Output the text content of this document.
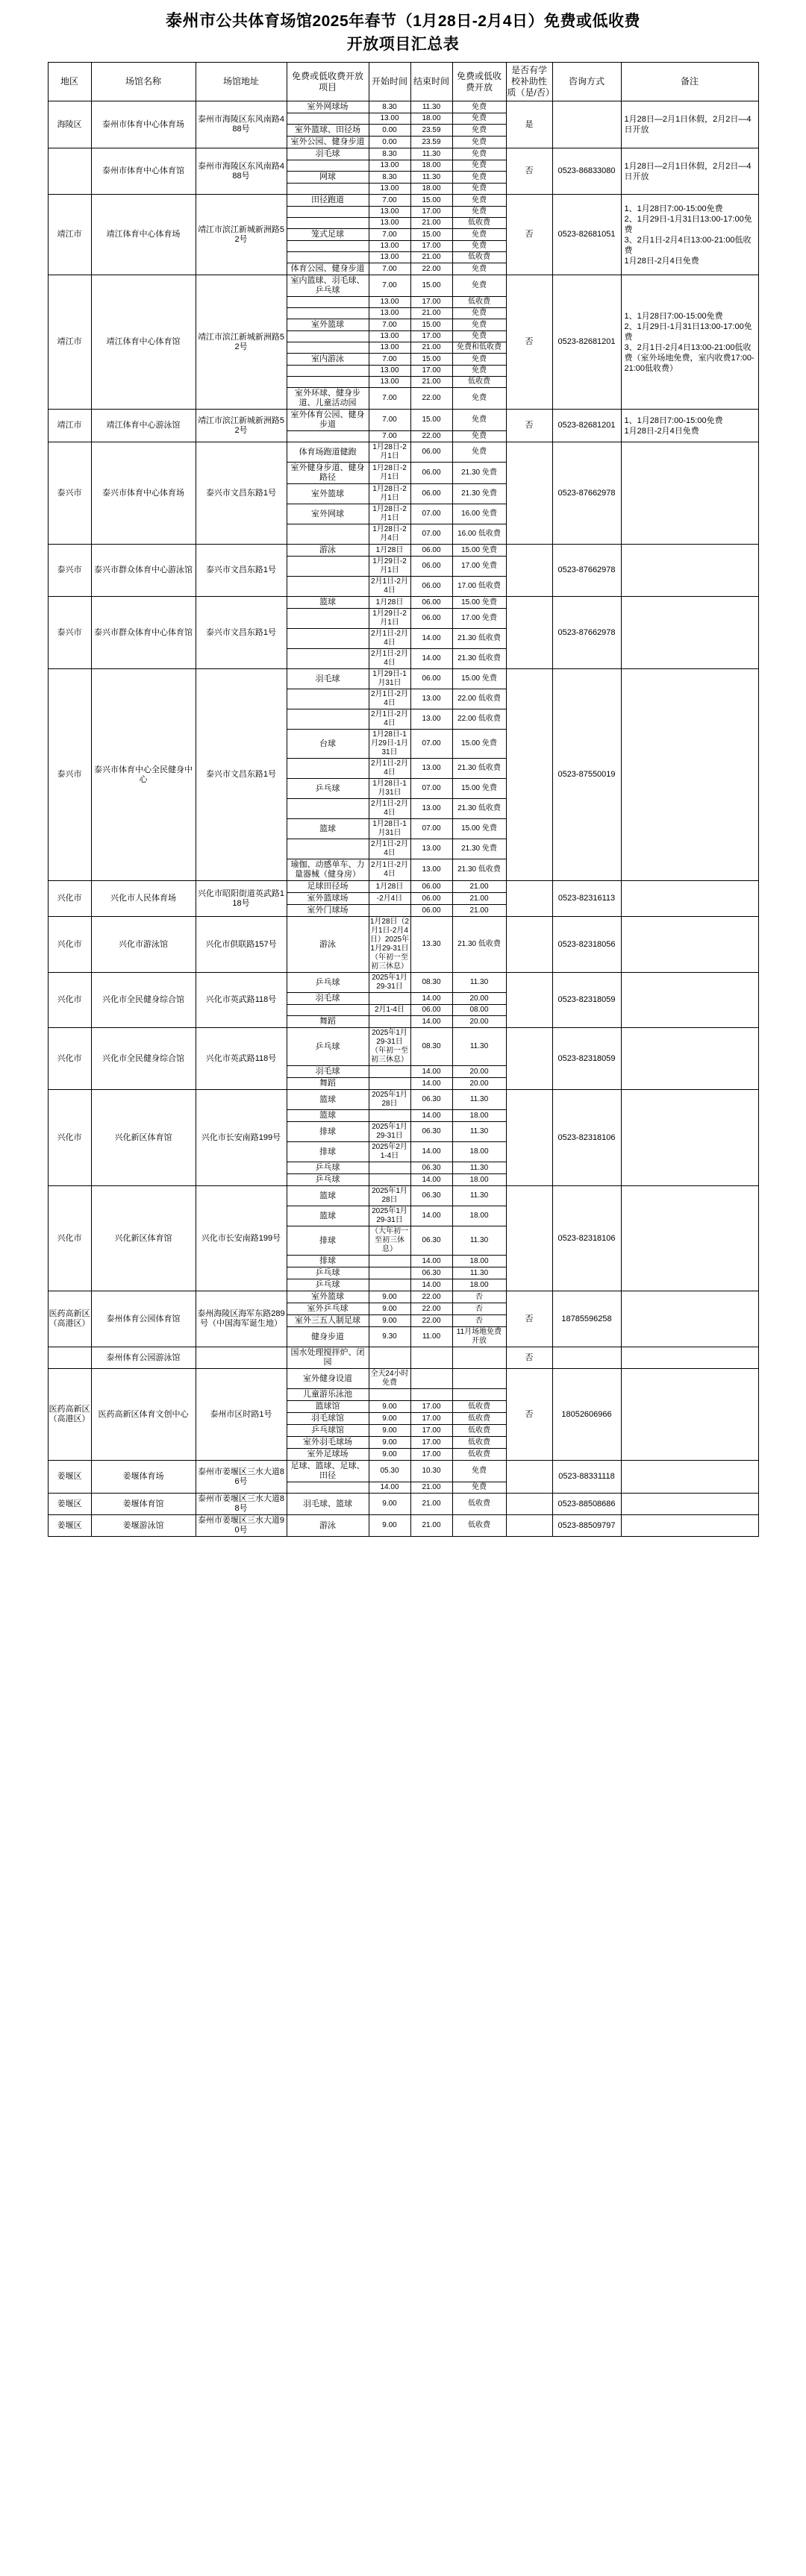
泰州市公共体育场馆2025年春节（1月28日-2月4日）免费或低收费
开放项目汇总表
地区	场馆名称	场馆地址	免费或低收费开放项目	开始时间	结束时间	免费或低收费开放	是否有学校补助性质（是/否）	咨询方式	备注
海陵区	泰州市体育中心体育场	泰州市海陵区东风南路488号	室外网球场	8.30	11.30	免费	是		1月28日—2月1日休假，2月2日—4日开放
				13.00	18.00	免费			
			室外篮球、田径场	0.00	23.59	免费			
			室外公园、健身步道	0.00	23.59	免费			
	泰州市体育中心体育馆	泰州市海陵区东风南路488号	羽毛球	8.30	11.30	免费	否	0523-86833080	1月28日—2月1日休假，2月2日—4日开放
				13.00	18.00	免费			
			网球	8.30	11.30	免费			
				13.00	18.00	免费			
靖江市	靖江体育中心体育场	靖江市滨江新城新洲路52号	田径跑道	7.00	15.00	免费	否	0523-82681051	1、1月28日7:00-15:00免费
2、1月29日-1月31日13:00-17:00免费
3、2月1日-2月4日13:00-21:00低收费
1月28日-2月4日免费
				13.00	17.00	免费			
				13.00	21.00	低收费			
			笼式足球	7.00	15.00	免费			
				13.00	17.00	免费			
				13.00	21.00	低收费			
			体育公园、健身步道	7.00	22.00	免费			
靖江市	靖江体育中心体育馆	靖江市滨江新城新洲路52号	室内篮球、羽毛球、乒乓球	7.00	15.00	免费	否	0523-82681201	1、1月28日7:00-15:00免费
2、1月29日-1月31日13:00-17:00免费
3、2月1日-2月4日13:00-21:00低收费（室外场地免费，室内收费17:00-21:00低收费）
				13.00	17.00	低收费			
				13.00	21.00	免费			
			室外篮球	7.00	15.00	免费			
				13.00	17.00	免费			
				13.00	21.00	免费和低收费			
			室内游泳	7.00	15.00	免费			
				13.00	17.00	免费			
				13.00	21.00	低收费			
			室外环球、健身步道、儿童活动园	7.00	22.00	免费			
靖江市	靖江体育中心游泳馆	靖江市滨江新城新洲路52号	室外体育公园、健身步道	7.00	15.00	免费	否	0523-82681201	1、1月28日7:00-15:00免费
1月28日-2月4日免费
				7.00	22.00	免费			
泰兴市	泰兴市体育中心体育场	泰兴市文昌东路1号	体育场跑道健跑	1月28日-2月1日	06.00	免费		0523-87662978	
			室外健身步道、健身路径	1月28日-2月1日	06.00	21.30 免费			
			室外篮球	1月28日-2月1日	06.00	21.30 免费			
			室外网球	1月28日-2月1日	07.00	16.00 免费			
				1月28日-2月4日	07.00	16.00 低收费			
泰兴市	泰兴市群众体育中心游泳馆	泰兴市文昌东路1号	游泳	1月28日	06.00	15.00 免费		0523-87662978	
				1月29日-2月1日	06.00	17.00 免费			
				2月1日-2月4日	06.00	17.00 低收费			
泰兴市	泰兴市群众体育中心体育馆	泰兴市文昌东路1号	篮球	1月28日	06.00	15.00 免费		0523-87662978	
				1月29日-2月1日	06.00	17.00 免费			
				2月1日-2月4日	14.00	21.30 低收费			
				2月1日-2月4日	14.00	21.30 低收费			
泰兴市	泰兴市体育中心全民健身中心	泰兴市文昌东路1号	羽毛球	1月29日-1月31日	06.00	15.00 免费		0523-87550019	
				2月1日-2月4日	13.00	22.00 低收费			
				2月1日-2月4日	13.00	22.00 低收费			
			台球	1月28日-1月29日-1月31日	07.00	15.00 免费			
				2月1日-2月4日	13.00	21.30 低收费			
			乒乓球	1月28日-1月31日	07.00	15.00 免费			
				2月1日-2月4日	13.00	21.30 低收费			
			篮球	1月28日-1月31日	07.00	15.00 免费			
				2月1日-2月4日	13.00	21.30 免费			
			瑜伽、动感单车、力量器械（健身房）	2月1日-2月4日	13.00	21.30 低收费			
兴化市	兴化市人民体育场	兴化市昭阳街道英武路118号	足球田径场	1月28日	06.00	21.00		0523-82316113	
			室外篮球场	-2月4日	06.00	21.00			
			室外门球场		06.00	21.00			
兴化市	兴化市游泳馆	兴化市供联路157号	游泳	1月28日（2月1日-2月4日）2025年1月29-31日（年初一至初三休息）	13.30	21.30 低收费		0523-82318056	
兴化市	兴化市全民健身综合馆	兴化市英武路118号	乒乓球	2025年1月29-31日	08.30	11.30		0523-82318059	
			羽毛球		14.00	20.00			
				2月1-4日	06.00	08.00			
			舞蹈		14.00	20.00			
兴化市	兴化市全民健身综合馆	兴化市英武路118号	乒乓球	2025年1月29-31日（年初一至初三休息）	08.30	11.30		0523-82318059	
			羽毛球		14.00	20.00			
			舞蹈		14.00	20.00			
兴化市	兴化新区体育馆	兴化市长安南路199号	篮球	2025年1月28日	06.30	11.30		0523-82318106	
			篮球		14.00	18.00			
			排球	2025年1月29-31日	06.30	11.30			
			排球	2025年2月1-4日	14.00	18.00			
			乒乓球		06.30	11.30			
			乒乓球		14.00	18.00			
兴化市	兴化新区体育馆	兴化市长安南路199号	篮球	2025年1月28日	06.30	11.30		0523-82318106	
			篮球	2025年1月29-31日	14.00	18.00			
			排球	（大年初一至初三休息）	06.30	11.30			
			排球		14.00	18.00			
			乒乓球		06.30	11.30			
			乒乓球		14.00	18.00			
医药高新区（高港区）	泰州体育公园体育馆	泰州海陵区海军东路289号（中国海军诞生地）	室外篮球	9.00	22.00	否	否	18785596258	
			室外乒乓球	9.00	22.00	否			
			室外三五人制足球	9.00	22.00	否			
			健身步道	9.30	11.00	11月场地免费开放			
	泰州体育公园游泳馆		国水处理搅拌炉、闭园				否		
医药高新区（高港区）	医药高新区体育文创中心	泰州市区时路1号	室外健身设道	全天24小时免费			否	18052606966	
			儿童游乐泳池						
			篮球馆	9.00	17.00	低收费			
			羽毛球馆	9.00	17.00	低收费			
			乒乓球馆	9.00	17.00	低收费			
			室外羽毛球场	9.00	17.00	低收费			
			室外足球场	9.00	17.00	低收费			
姜堰区	姜堰体育场	泰州市姜堰区三水大道86号	足球、篮球、足球、田径	05.30	10.30	免费		0523-88331118	
				14.00	21.00	免费			
姜堰区	姜堰体育馆	泰州市姜堰区三水大道88号	羽毛球、篮球	9.00	21.00	低收费		0523-88508686	
姜堰区	姜堰游泳馆	泰州市姜堰区三水大道90号	游泳	9.00	21.00	低收费		0523-88509797	
